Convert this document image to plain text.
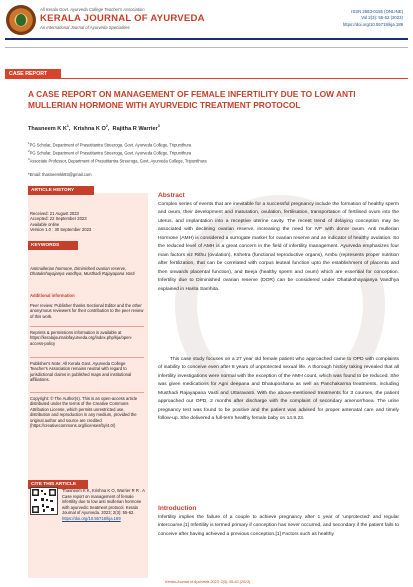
All Kerala Govt. Ayurveda College Teacher's Association
KERALA JOURNAL OF AYURVEDA
An International Journal of Ayurveda Specialities
ISSN 2583-0155 (ONLINE)
Vol 2(3): 55-62 (2023)
https://doi.org/10.55718/kja.189
CASE REPORT
A CASE REPORT ON MANAGEMENT OF FEMALE INFERTILITY DUE TO LOW ANTI MULLERIAN HORMONE WITH AYURVEDIC TREATMENT PROTOCOL
Thasneem K $K^1$,  Krishna K $O^2$,  Rajitha R Warrier$^3$
$^1$PG Scholar, Department of Prasutitantra Streeroga, Govt. Ayurveda College, Tripunithura
$^2$PG Scholar, Department of Prasutitantra Streeroga, Govt. Ayurveda College, Tripunithura
$^3$Associate Professor, Department of Prasutitantra Streeroga, Govt. Ayurveda College, Tripunithura
*Email: thasneemkk93@gmail.com
ARTICLE HISTORY
Received: 21 August 2023
Accepted: 22 September 2023
Available online
Version 1.0 : 30 September 2023
KEYWORDS
Antimullerian hormone, Diminished ovarian reserve, Dhatukshayajanya vandhya, Musthadi Rajayapana Vasti
Additional information
Peer review: Publisher thanks Sectional Editor and the other anonymous reviewers for their contribution to the peer review of this work.
Reprints & permissions information is available at https://keralajournalofayurveda.org/index.php/kja/open-access-policy
Publisher's Note: All Kerala Govt. Ayurveda College Teacher's Association remains neutral with regard to jurisdictional claims in published maps and institutional affiliations.
Copyright: © The Author(s). This is an open-access article distributed under the terms of the Creative Commons Attribution License, which permits unrestricted use, distribution and reproduction in any medium, provided the original author and source are credited (https://creativecommons.org/licenses/by/4.0/)
CITE THIS ARTICLE
Thasneem K K, Krishna K O, Warrier R R . A Case report on management of female infertility due to low anti mullerian hormone with ayurvedic treatment protocol. Kerala Journal of Ayurveda. 2023; 2(3): 55-62. https://doi.org/10.55718/kja.189
Abstract
Complex series of events that are inevitable for a successful pregnancy include the formation of healthy sperm and ovum, their development and maturation, ovulation, fertilisation, transportation of fertilised ovum into the uterus, and implantation into a receptive uterine cavity. The recent trend of delaying conception may be associated with declining ovarian reserve, increasing the need for IVF with donor ovum. Anti mullerian Hormone (AMH) is considered a surrogate marker for ovarian reserve and an indicator of healthy ovulation. So the reduced level of AMH is a great concern in the field of infertility management. Ayurveda emphasizes four main factors viz Rithu (ovulation), Kshetra (functional reproductive organs), Ambu (represents proper nutrition after fertilization, that can be correlated with corpus leuteal function upto the establishment of placenta and then onwards placental function), and Beeja (healthy sperm and ovum) which are essential for conception. Infertility due to Diminished ovarian reserve (DOR) can be considered under Dhatukshayajanya Vandhya explained in Harita Samhita.
This case study focuses on a 27 year old female patient who approached came to OPD with complaints of inability to conceive even after 8 years of unprotected sexual life. A thorough history taking revealed that all infertility investigations were normal with the exception of the AMH count, which was found to be reduced. She was given medications for Agni deepana and Dhatuposhana as well as Panchakarma treatments, including Musthadi Rajayapana Vasti and Uttaravasti. With the above-mentioned treatments for 3 courses, the patient approached our OPD, 2 months after discharge with the complaint of secondary amenorrhoea. The urine pregnancy test was found to be positive and the patient was advised for proper antenatal care and timely follow-up. She delivered a full-term healthy female baby on 14.9.23.
Introduction
Infertility implies the failure of a couple to achieve pregnancy after 1 year of 'unprotected' and regular intercourse.[1] Infertility is termed primary if conception has never occurred, and secondary if the patient fails to conceive after having achieved a previous conception.[1] Factors such as healthy
Kerala Journal of Ayurveda 2023; 2(3): 55-62 (2023)
